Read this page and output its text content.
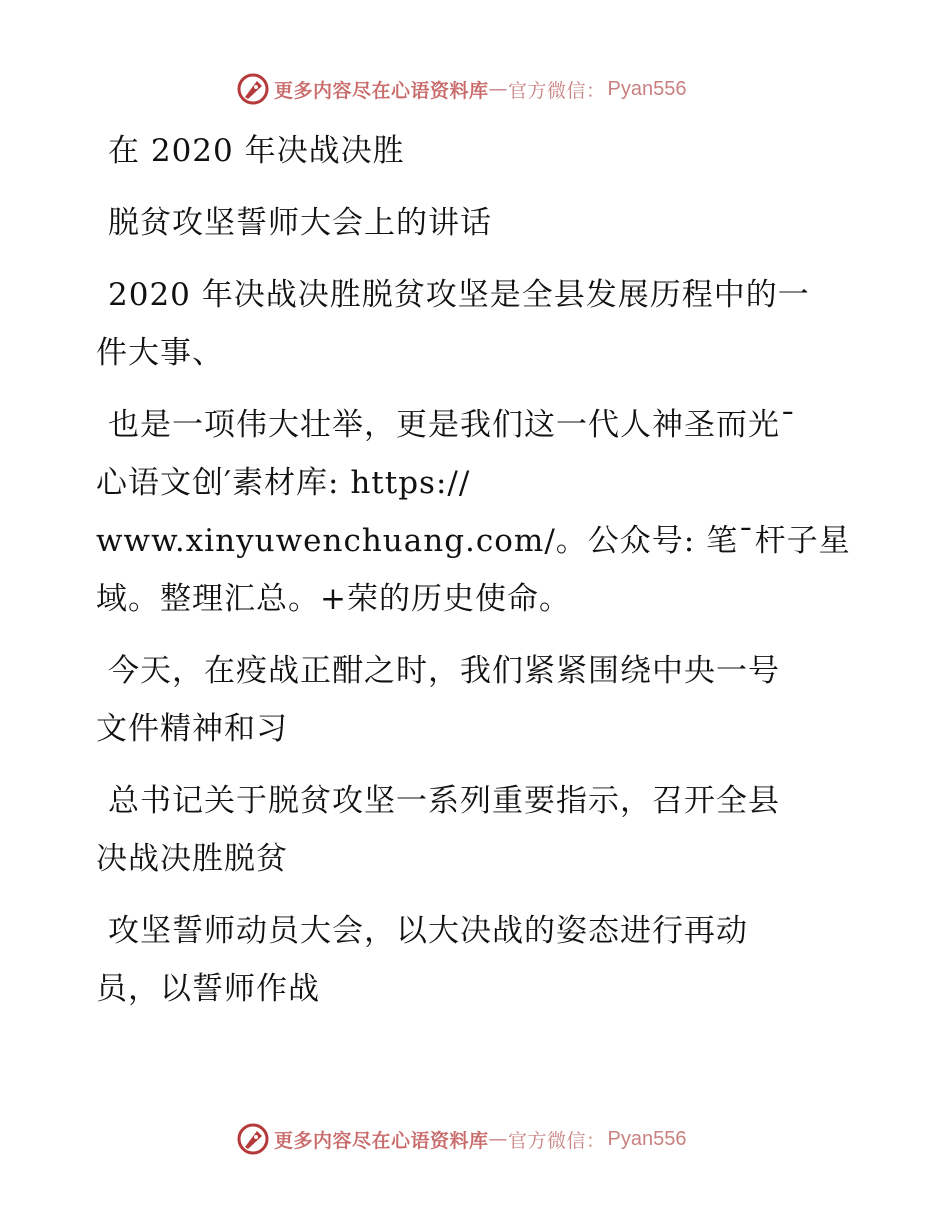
更多内容尽在心语资料库 — 官方微信： Pyan556
在 2020 年决战决胜
脱贫攻坚誓师大会上的讲话
2020 年决战决胜脱贫攻坚是全县发展历程中的一
件大事、
也是一项伟大壮举，更是我们这一代人神圣而光¯
心语文创′素材库: https://
www.xinyuwenchuang.com/。公众号: 笔¯杆子星
域。整理汇总。+荣的历史使命。
今天，在疫战正酣之时，我们紧紧围绕中央一号
文件精神和习
总书记关于脱贫攻坚一系列重要指示，召开全县
决战决胜脱贫
攻坚誓师动员大会，以大决战的姿态进行再动
员，以誓师作战
更多内容尽在心语资料库 — 官方微信： Pyan556
